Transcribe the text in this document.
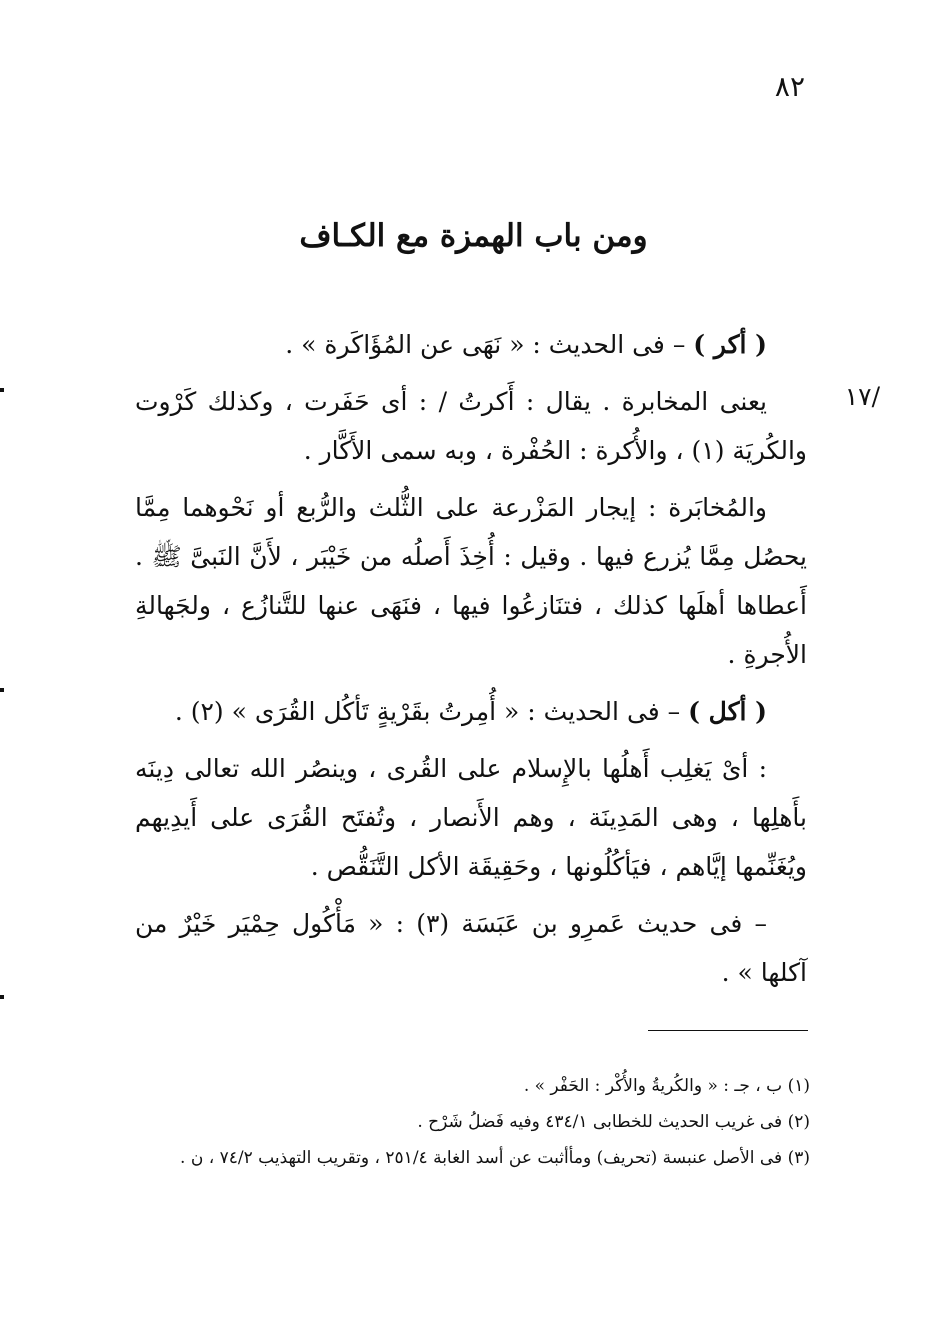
٨٢
ومن باب الهمزة مع الكـاف
/١٧

( أكر ) – فى الحديث : « نَهَى عن المُؤَاكَرة » .

يعنى المخابرة . يقال : أَكرتُ / : أى حَفَرت ، وكذلك كَرْوت والكُريَة (١) ، والأُكرة : الحُفْرة ، وبه سمى الأَكَّار .

والمُخابَرة : إيجار المَزْرعة على الثُّلث والرُّبع أو نَحْوهما مِمَّا يحصُل مِمَّا يُزرع فيها . وقيل : أُخِذَ أَصلُه من خَيْبَر ، لأَنَّ النَبىَّ ﷺ . أَعطاها أهلَها كذلك ، فتنَازعُوا فيها ، فنَهَى عنها للتَّنازُع ، ولجَهالةِ الأُجرةِ .

( أكل ) – فى الحديث : « أُمِرتُ بقَرْيةٍ تَأكُل القُرَى » (٢) .

: أىْ يَغلِب أَهلُها بالإِسلام على القُرى ، وينصُر الله تعالى دِينَه بأَهلِها ، وهى المَدِينَة ، وهم الأَنصار ، وتُفتَح القُرَى على أَيدِيهم ويُغَنِّمها إيَّاهم ، فيَأكُلُونها ، وحَقِيقَة الأكل التَّنَقُّص .

– فى حديث عَمرِو بن عَبَسَة (٣) : « مَأْكُول حِمْيَر خَيْرٌ من آكلها » .

(١) ب ، جـ : « والكُريةُ والأُكْر : الحَفْر » .

(٢) فى غريب الحديث للخطابى ٤٣٤/١ وفيه فَضلُ شَرْح .

(٣) فى الأصل عنبسة (تحريف) ومأأثبت عن أسد الغابة ٢٥١/٤ ، وتقريب التهذيب ٧٤/٢ ، ن .
